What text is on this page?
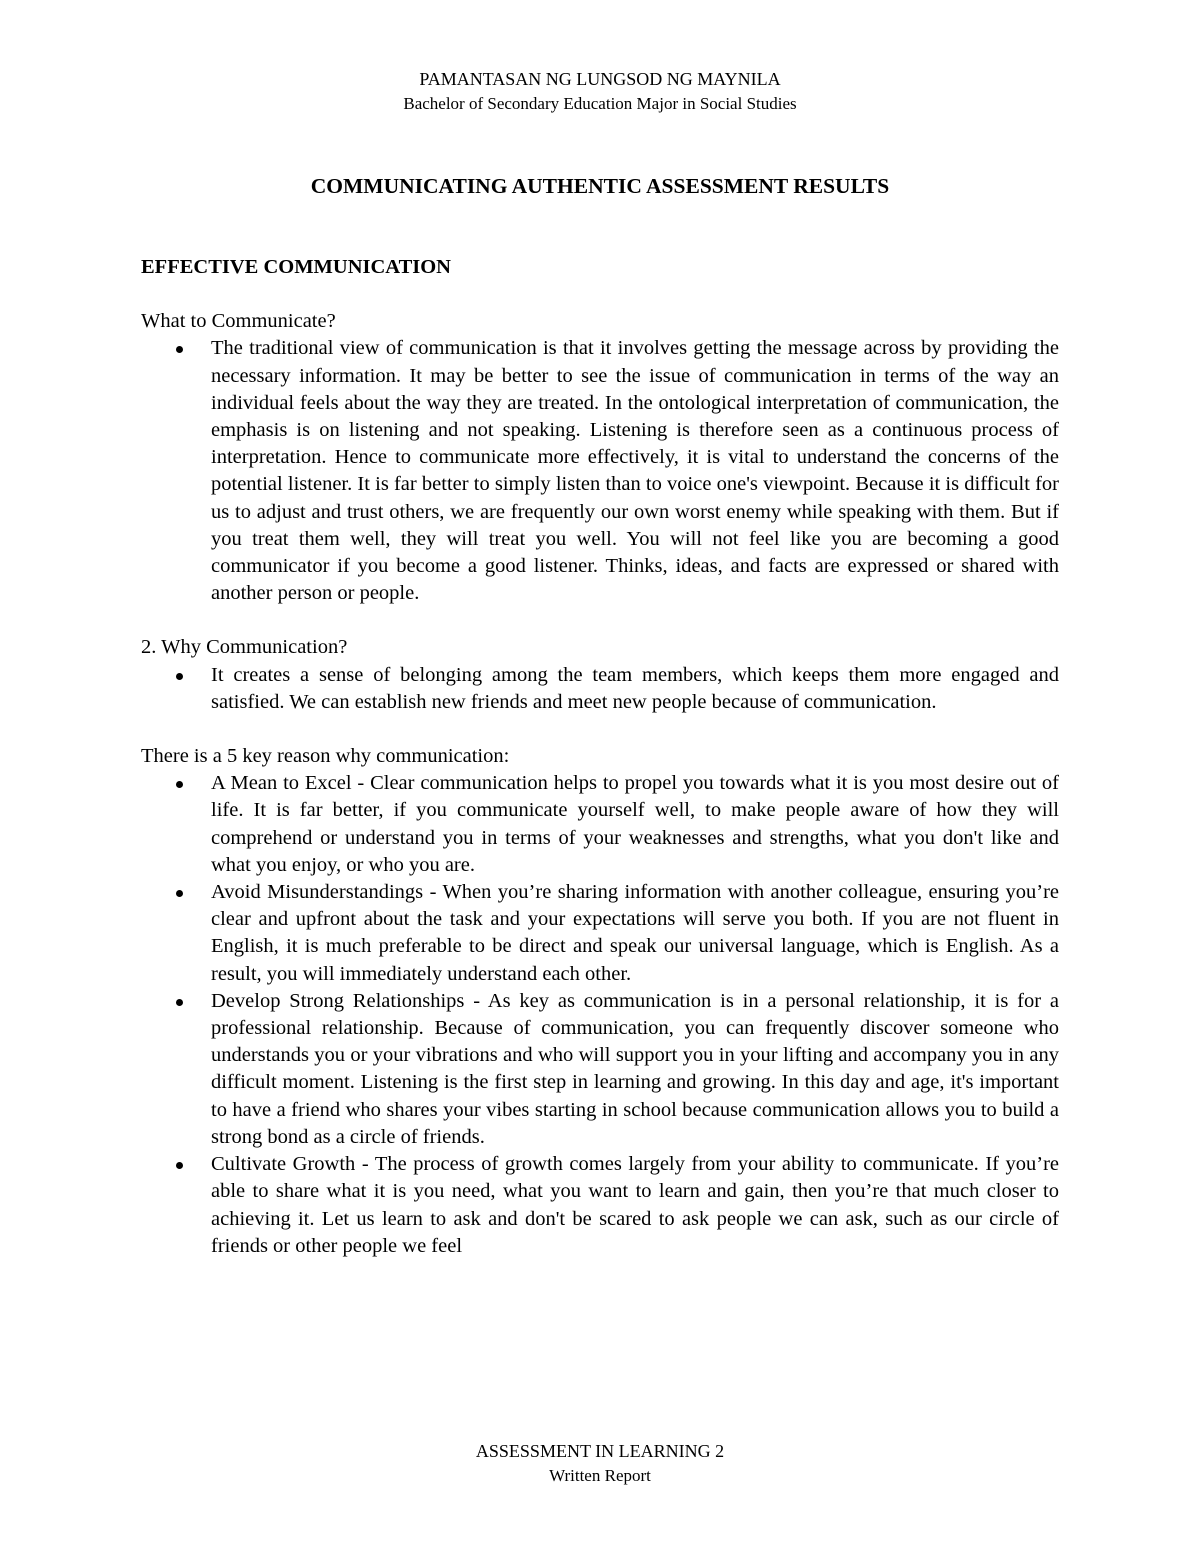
PAMANTASAN NG LUNGSOD NG MAYNILA
Bachelor of Secondary Education Major in Social Studies
COMMUNICATING AUTHENTIC ASSESSMENT RESULTS
EFFECTIVE COMMUNICATION
What to Communicate?
The traditional view of communication is that it involves getting the message across by providing the necessary information. It may be better to see the issue of communication in terms of the way an individual feels about the way they are treated. In the ontological interpretation of communication, the emphasis is on listening and not speaking. Listening is therefore seen as a continuous process of interpretation. Hence to communicate more effectively, it is vital to understand the concerns of the potential listener. It is far better to simply listen than to voice one's viewpoint. Because it is difficult for us to adjust and trust others, we are frequently our own worst enemy while speaking with them. But if you treat them well, they will treat you well. You will not feel like you are becoming a good communicator if you become a good listener. Thinks, ideas, and facts are expressed or shared with another person or people.
2. Why Communication?
It creates a sense of belonging among the team members, which keeps them more engaged and satisfied. We can establish new friends and meet new people because of communication.
There is a 5 key reason why communication:
A Mean to Excel - Clear communication helps to propel you towards what it is you most desire out of life. It is far better, if you communicate yourself well, to make people aware of how they will comprehend or understand you in terms of your weaknesses and strengths, what you don't like and what you enjoy, or who you are.
Avoid Misunderstandings - When you’re sharing information with another colleague, ensuring you’re clear and upfront about the task and your expectations will serve you both. If you are not fluent in English, it is much preferable to be direct and speak our universal language, which is English. As a result, you will immediately understand each other.
Develop Strong Relationships - As key as communication is in a personal relationship, it is for a professional relationship. Because of communication, you can frequently discover someone who understands you or your vibrations and who will support you in your lifting and accompany you in any difficult moment. Listening is the first step in learning and growing. In this day and age, it's important to have a friend who shares your vibes starting in school because communication allows you to build a strong bond as a circle of friends.
Cultivate Growth - The process of growth comes largely from your ability to communicate. If you’re able to share what it is you need, what you want to learn and gain, then you’re that much closer to achieving it. Let us learn to ask and don't be scared to ask people we can ask, such as our circle of friends or other people we feel
ASSESSMENT IN LEARNING 2
Written Report
